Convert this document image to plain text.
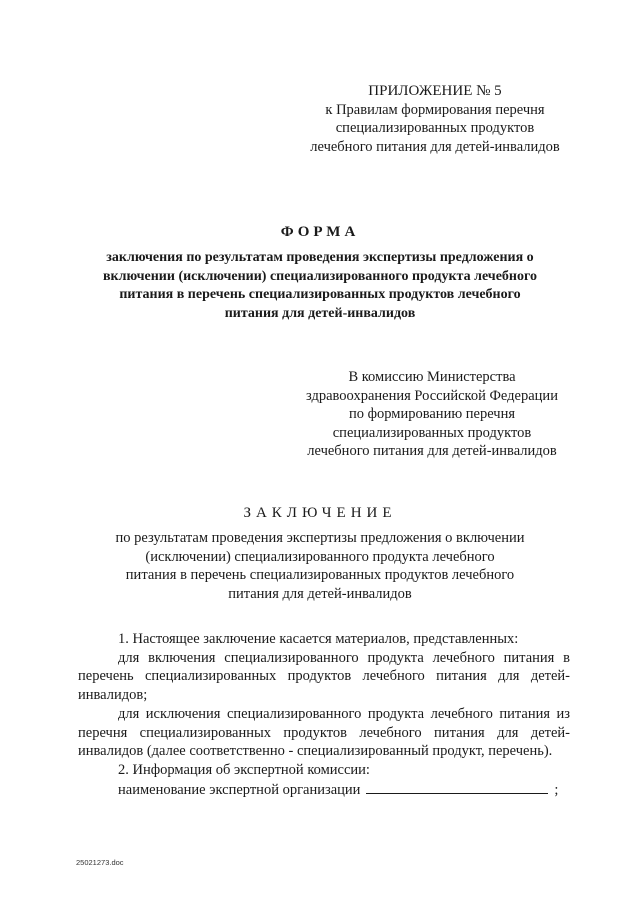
ПРИЛОЖЕНИЕ № 5
к Правилам формирования перечня
специализированных продуктов
лечебного питания для детей-инвалидов
ФОРМА
заключения по результатам проведения экспертизы предложения о
включении (исключении) специализированного продукта лечебного
питания в перечень специализированных продуктов лечебного
питания для детей-инвалидов
В комиссию Министерства
здравоохранения Российской Федерации
по формированию перечня
специализированных продуктов
лечебного питания для детей-инвалидов
ЗАКЛЮЧЕНИЕ
по результатам проведения экспертизы предложения о включении
(исключении) специализированного продукта лечебного
питания в перечень специализированных продуктов лечебного
питания для детей-инвалидов

1. Настоящее заключение касается материалов, представленных:

для включения специализированного продукта лечебного питания в перечень специализированных продуктов лечебного питания для детей-инвалидов;

для исключения специализированного продукта лечебного питания из перечня специализированных продуктов лечебного питания для детей-инвалидов (далее соответственно - специализированный продукт, перечень).

2. Информация об экспертной комиссии:

наименование экспертной организации	;

25021273.doc
